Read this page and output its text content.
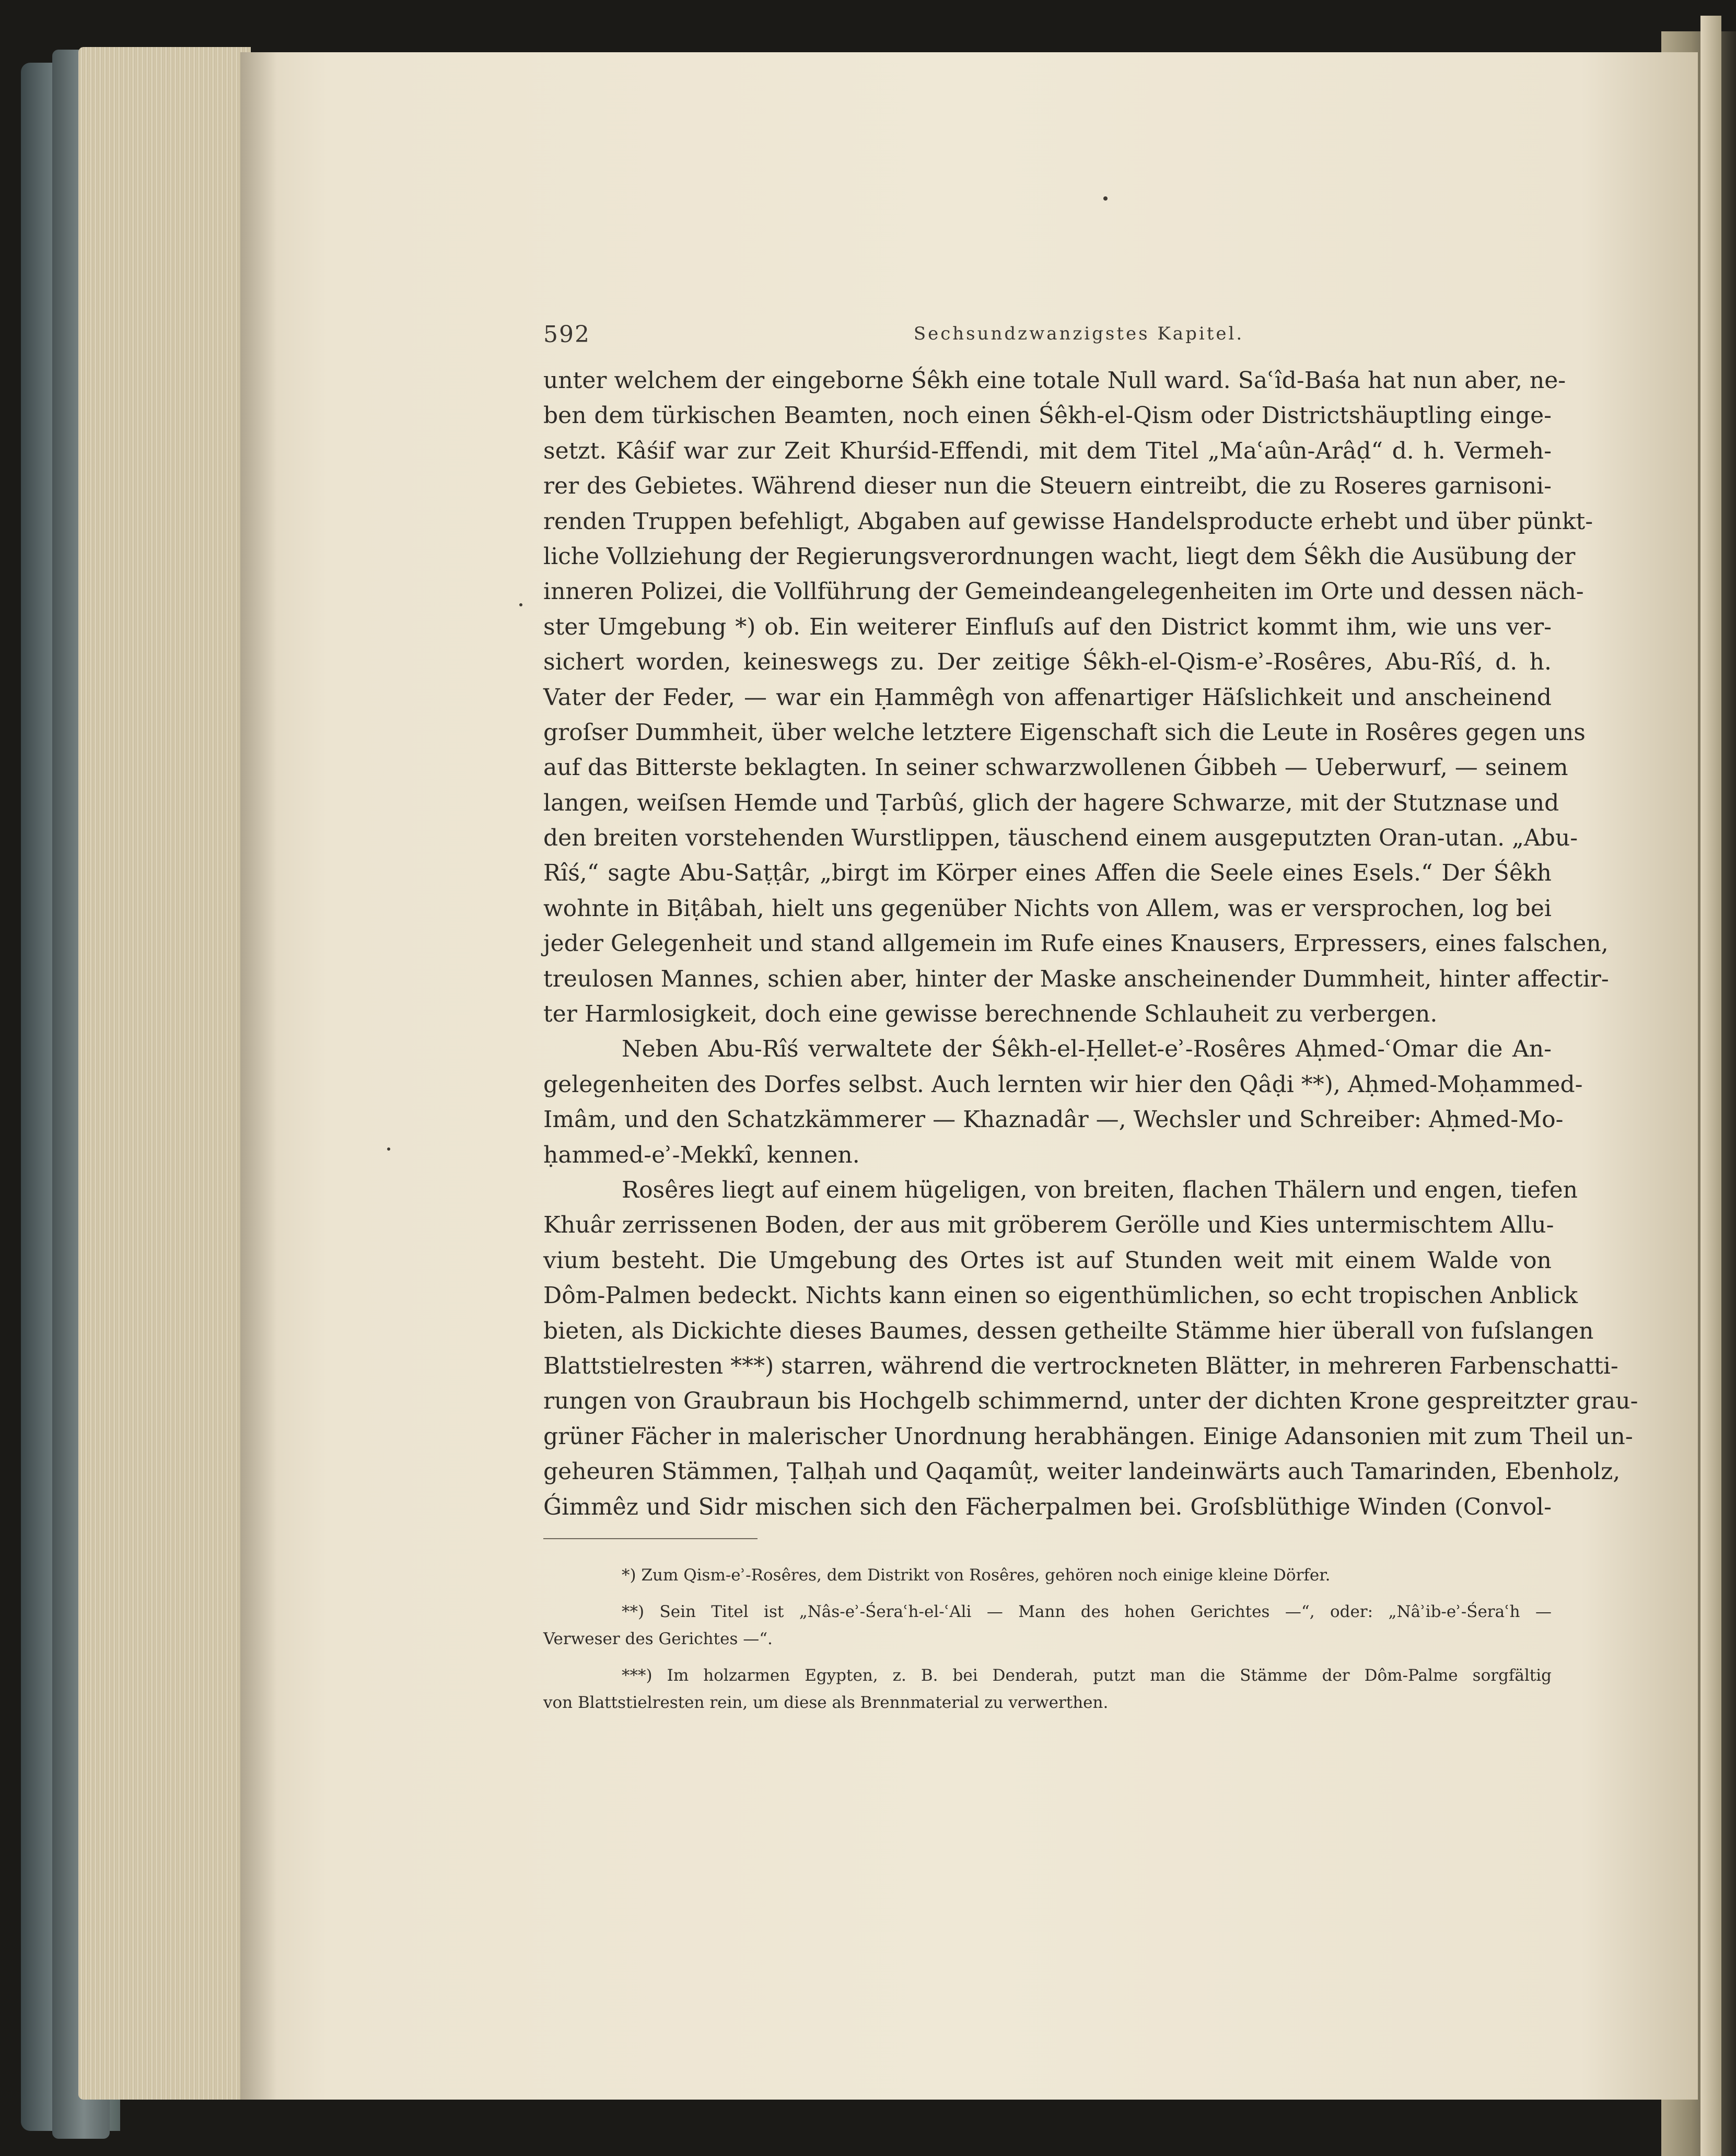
592	Sechsundzwanzigstes Kapitel.
unter welchem der eingeborne Śêkh eine totale Null ward. Saʿîd-Baśa hat nun aber, ne-
ben dem türkischen Beamten, noch einen Śêkh-el-Qism oder Districtshäuptling einge-
setzt. Kâśif war zur Zeit Khurśid-Effendi, mit dem Titel „Maʿaûn-Arâḍ“ d. h. Vermeh-
rer des Gebietes. Während dieser nun die Steuern eintreibt, die zu Roseres garnisoni-
renden Truppen befehligt, Abgaben auf gewisse Handelsproducte erhebt und über pünkt-
liche Vollziehung der Regierungsverordnungen wacht, liegt dem Śêkh die Ausübung der
inneren Polizei, die Vollführung der Gemeindeangelegenheiten im Orte und dessen näch-
ster Umgebung *) ob. Ein weiterer Einfluſs auf den District kommt ihm, wie uns ver-
sichert worden, keineswegs zu. Der zeitige Śêkh-el-Qism-eʾ-Rosêres, Abu-Rîś, d. h.
Vater der Feder, — war ein Ḥammêgh von affenartiger Häſslichkeit und anscheinend
groſser Dummheit, über welche letztere Eigenschaft sich die Leute in Rosêres gegen uns
auf das Bitterste beklagten. In seiner schwarzwollenen Ǵibbeh — Ueberwurf, — seinem
langen, weiſsen Hemde und Ṭarbûś, glich der hagere Schwarze, mit der Stutznase und
den breiten vorstehenden Wurstlippen, täuschend einem ausgeputzten Oran-utan. „Abu-
Rîś,“ sagte Abu-Saṭṭâr, „birgt im Körper eines Affen die Seele eines Esels.“ Der Śêkh
wohnte in Biṭâbah, hielt uns gegenüber Nichts von Allem, was er versprochen, log bei
jeder Gelegenheit und stand allgemein im Rufe eines Knausers, Erpressers, eines falschen,
treulosen Mannes, schien aber, hinter der Maske anscheinender Dummheit, hinter affectir-
ter Harmlosigkeit, doch eine gewisse berechnende Schlauheit zu verbergen.
Neben Abu-Rîś verwaltete der Śêkh-el-Ḥellet-eʾ-Rosêres Aḥmed-ʿOmar die An-
gelegenheiten des Dorfes selbst. Auch lernten wir hier den Qâḍi **), Aḥmed-Moḥammed-
Imâm, und den Schatzkämmerer — Khaznadâr —, Wechsler und Schreiber: Aḥmed-Mo-
ḥammed-eʾ-Mekkî, kennen.
Rosêres liegt auf einem hügeligen, von breiten, flachen Thälern und engen, tiefen
Khuâr zerrissenen Boden, der aus mit gröberem Gerölle und Kies untermischtem Allu-
vium besteht. Die Umgebung des Ortes ist auf Stunden weit mit einem Walde von
Dôm-Palmen bedeckt. Nichts kann einen so eigenthümlichen, so echt tropischen Anblick
bieten, als Dickichte dieses Baumes, dessen getheilte Stämme hier überall von fuſslangen
Blattstielresten ***) starren, während die vertrockneten Blätter, in mehreren Farbenschatti-
rungen von Graubraun bis Hochgelb schimmernd, unter der dichten Krone gespreitzter grau-
grüner Fächer in malerischer Unordnung herabhängen. Einige Adansonien mit zum Theil un-
geheuren Stämmen, Ṭalḥah und Qaqamûṭ, weiter landeinwärts auch Tamarinden, Ebenholz,
Ǵimmêz und Sidr mischen sich den Fächerpalmen bei. Groſsblüthige Winden (Convol-
*) Zum Qism-eʾ-Rosêres, dem Distrikt von Rosêres, gehören noch einige kleine Dörfer.
**) Sein Titel ist „Nâs-eʾ-Śeraʿh-el-ʿAli — Mann des hohen Gerichtes —“, oder: „Nâʾib-eʾ-Śeraʿh —
Verweser des Gerichtes —“.
***) Im holzarmen Egypten, z. B. bei Denderah, putzt man die Stämme der Dôm-Palme sorgfältig
von Blattstielresten rein, um diese als Brennmaterial zu verwerthen.
